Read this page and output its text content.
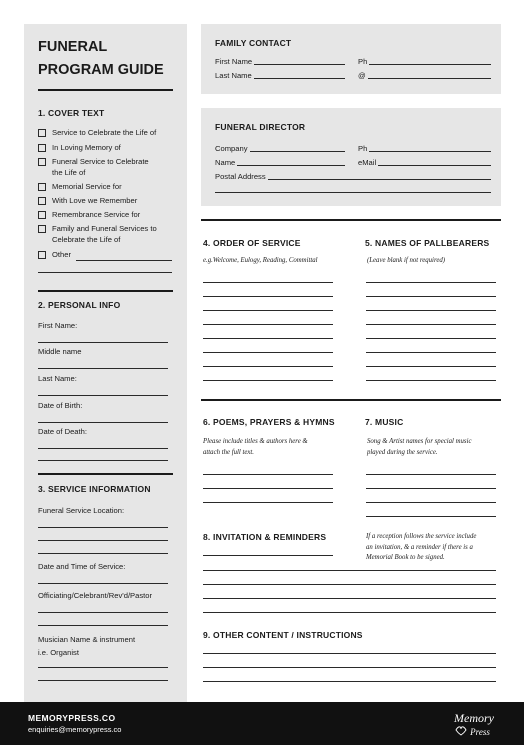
FUNERAL
PROGRAM GUIDE
1. COVER TEXT
Service to Celebrate the Life of
In Loving Memory of
Funeral Service to Celebrate
the Life of
Memorial Service for
With Love we Remember
Remembrance Service for
Family and Funeral Services to
Celebrate the Life of
Other
2. PERSONAL INFO
First Name:
Middle name
Last Name:
Date of Birth:
Date of Death:
3. SERVICE INFORMATION
Funeral Service Location:
Date and Time of Service:
Officiating/Celebrant/Rev'd/Pastor
Musician Name & instrument
i.e. Organist
FAMILY CONTACT
First Name	Ph
Last Name	@
FUNERAL DIRECTOR
Company	Ph
Name	eMail
Postal Address
4. ORDER OF SERVICE
e.g.Welcome, Eulogy, Reading, Committal
5. NAMES OF PALLBEARERS
(Leave blank if not required)
6. POEMS, PRAYERS & HYMNS
Please include titles & authors here &
attach the full text.
7. MUSIC
Song & Artist names for special music
played during the service.
8. INVITATION & REMINDERS	If a reception follows the service include
an invitation, & a reminder if there is a
Memorial Book to be signed.
9. OTHER CONTENT / INSTRUCTIONS
MEMORYPRESS.CO
enquiries@memorypress.co
Memory
Press
